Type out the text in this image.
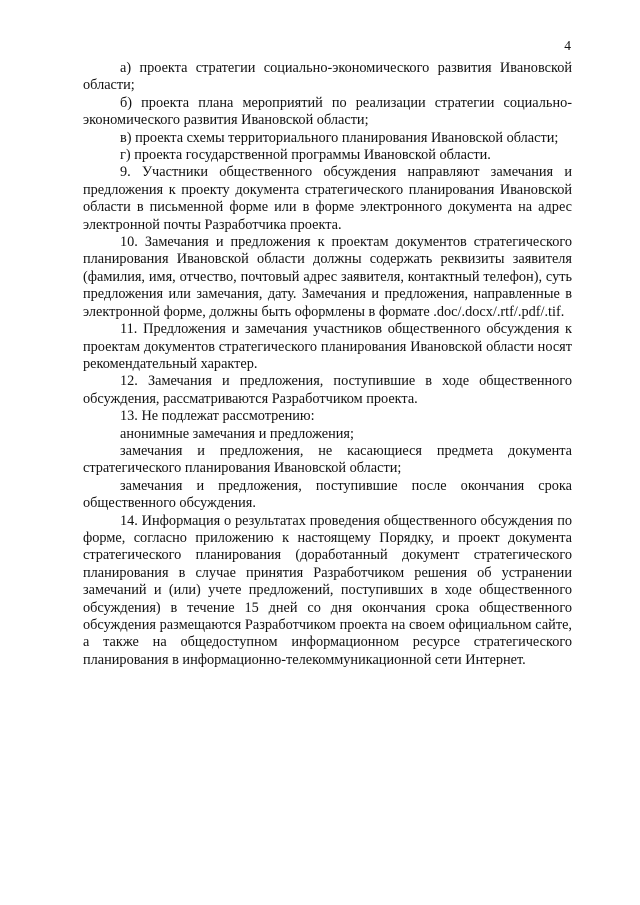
4

а) проекта стратегии социально-экономического развития Ивановской области;

б) проекта плана мероприятий по реализации стратегии социально-экономического развития Ивановской области;

в) проекта схемы территориального планирования Ивановской области;

г) проекта государственной программы Ивановской области.

9. Участники общественного обсуждения направляют замечания и предложения к проекту документа стратегического планирования Ивановской области в письменной форме или в форме электронного документа на адрес электронной почты Разработчика проекта.

10. Замечания и предложения к проектам документов стратегического планирования Ивановской области должны содержать реквизиты заявителя (фамилия, имя, отчество, почтовый адрес заявителя, контактный телефон), суть предложения или замечания, дату. Замечания и предложения, направленные в электронной форме, должны быть оформлены в формате .doc/.docx/.rtf/.pdf/.tif.

11. Предложения и замечания участников общественного обсуждения к проектам документов стратегического планирования Ивановской области носят рекомендательный характер.

12. Замечания и предложения, поступившие в ходе общественного обсуждения, рассматриваются Разработчиком проекта.

13. Не подлежат рассмотрению:

анонимные замечания и предложения;

замечания и предложения, не касающиеся предмета документа стратегического планирования Ивановской области;

замечания и предложения, поступившие после окончания срока общественного обсуждения.

14. Информация о результатах проведения общественного обсуждения по форме, согласно приложению к настоящему Порядку, и проект документа стратегического планирования (доработанный документ стратегического планирования в случае принятия Разработчиком решения об устранении замечаний и (или) учете предложений, поступивших в ходе общественного обсуждения) в течение 15 дней со дня окончания срока общественного обсуждения размещаются Разработчиком проекта на своем официальном сайте, а также на общедоступном информационном ресурсе стратегического планирования в информационно-телекоммуникационной сети Интернет.
